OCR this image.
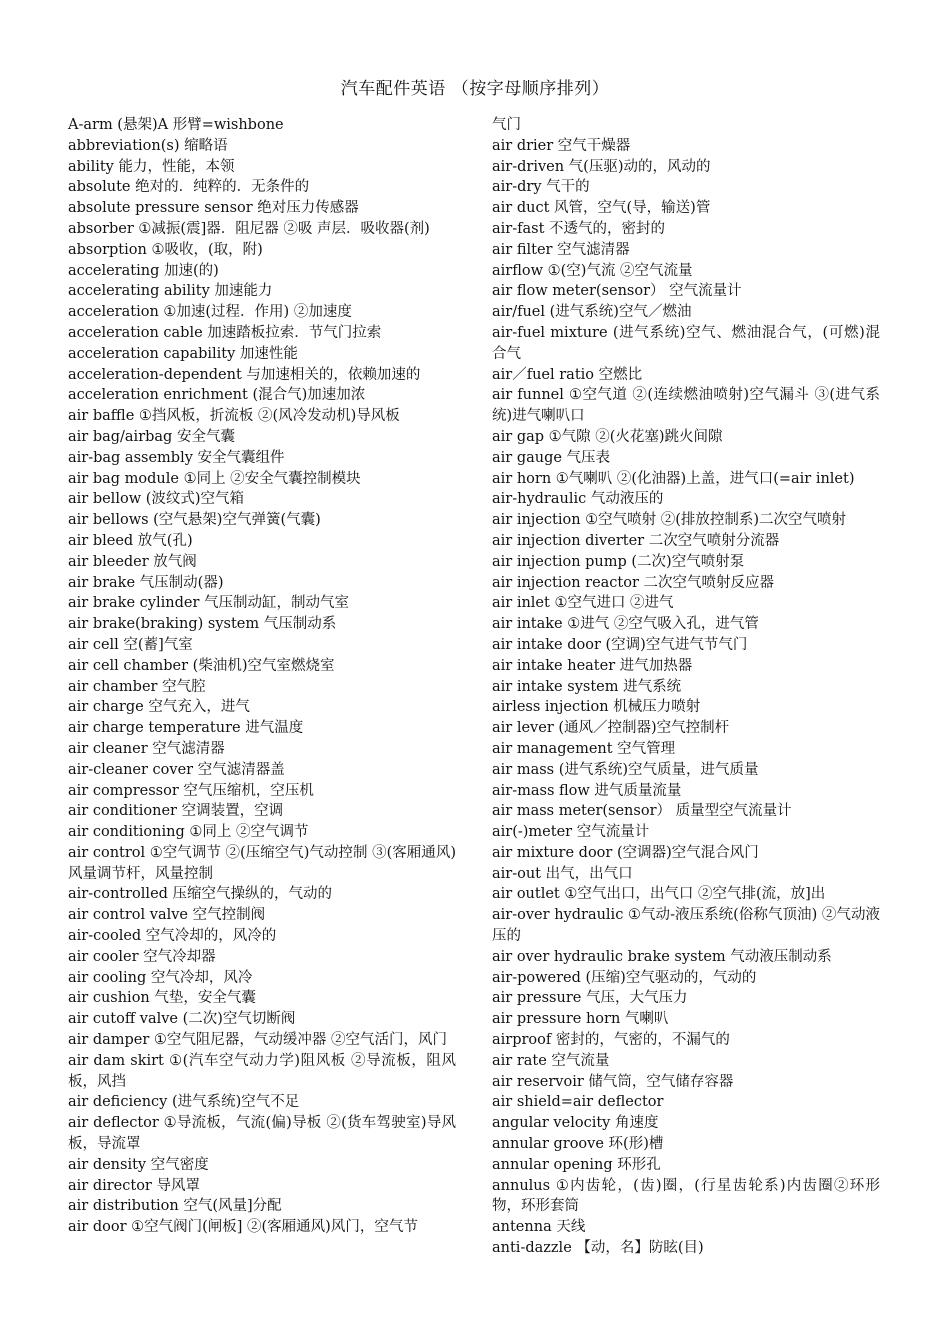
汽车配件英语 （按字母顺序排列）

A-arm (悬架)A 形臂=wishbone

abbreviation(s) 缩略语

ability 能力，性能，本领

absolute 绝对的．纯粹的．无条件的

absolute pressure sensor 绝对压力传感器

absorber ①减振(震]器．阻尼器 ②吸 声层．吸收器(剂)

absorption ①吸收，(取，附)

accelerating 加速(的)

accelerating ability 加速能力

acceleration ①加速(过程．作用) ②加速度

acceleration cable 加速踏板拉索．节气门拉索

acceleration capability 加速性能

acceleration-dependent 与加速相关的，依赖加速的

acceleration enrichment (混合气)加速加浓

air baffle ①挡风板，折流板 ②(风冷发动机)导风板

air bag/airbag 安全气囊

air-bag assembly 安全气囊组件

air bag module ①同上 ②安全气囊控制模块

air bellow (波纹式)空气箱

air bellows (空气悬架)空气弹簧(气囊)

air bleed 放气(孔)

air bleeder 放气阀

air brake 气压制动(器)

air brake cylinder 气压制动缸，制动气室

air brake(braking) system 气压制动系

air cell 空(蓄]气室

air cell chamber (柴油机)空气室燃烧室

air chamber 空气腔

air charge 空气充入，进气

air charge temperature 进气温度

air cleaner 空气滤清器

air-cleaner cover 空气滤清器盖

air compressor 空气压缩机，空压机

air conditioner 空调装置，空调

air conditioning ①同上 ②空气调节

air control ①空气调节 ②(压缩空气)气动控制 ③(客厢通风)风量调节杆，风量控制

air-controlled 压缩空气操纵的，气动的

air control valve 空气控制阀

air-cooled 空气冷却的，风冷的

air cooler 空气冷却器

air cooling 空气冷却，风冷

air cushion 气垫，安全气囊

air cutoff valve (二次)空气切断阀

air damper ①空气阻尼器，气动缓冲器 ②空气活门，风门

air dam skirt ①(汽车空气动力学)阻风板 ②导流板，阻风板，风挡

air deficiency (进气系统)空气不足

air deflector ①导流板，气流(偏)导板 ②(货车驾驶室)导风板，导流罩

air density 空气密度

air director 导风罩

air distribution 空气(风量]分配

air door ①空气阀门(闸板] ②(客厢通风)风门，空气节

气门

air drier 空气干燥器

air-driven 气(压驱)动的，风动的

air-dry 气干的

air duct 风管，空气(导，输送)管

air-fast 不透气的，密封的

air filter 空气滤清器

airflow ①(空)气流 ②空气流量

air flow meter(sensor） 空气流量计

air/fuel (进气系统)空气／燃油

air-fuel mixture (进气系统)空气、燃油混合气，(可燃)混合气

air／fuel ratio 空燃比

air funnel ①空气道 ②(连续燃油喷射)空气漏斗 ③(进气系统)进气喇叭口

air gap ①气隙 ②(火花塞)跳火间隙

air gauge 气压表

air horn ①气喇叭 ②(化油器)上盖，进气口(=air inlet)

air-hydraulic 气动液压的

air injection ①空气喷射 ②(排放控制系)二次空气喷射

air injection diverter 二次空气喷射分流器

air injection pump (二次)空气喷射泵

air injection reactor 二次空气喷射反应器

air inlet ①空气进口 ②进气

air intake ①进气 ②空气吸入孔，进气管

air intake door (空调)空气进气节气门

air intake heater 进气加热器

air intake system 进气系统

airless injection 机械压力喷射

air lever (通风／控制器)空气控制杆

air management 空气管理

air mass (进气系统)空气质量，进气质量

air-mass flow 进气质量流量

air mass meter(sensor） 质量型空气流量计

air(-)meter 空气流量计

air mixture door (空调器)空气混合风门

air-out 出气，出气口

air outlet ①空气出口，出气口 ②空气排(流，放]出

air-over hydraulic ①气动-液压系统(俗称气顶油) ②气动液压的

air over hydraulic brake system 气动液压制动系

air-powered (压缩)空气驱动的，气动的

air pressure 气压，大气压力

air pressure horn 气喇叭

airproof 密封的，气密的，不漏气的

air rate 空气流量

air reservoir 储气筒，空气储存容器

air shield=air deflector

angular velocity 角速度

annular groove 环(形)槽

annular opening 环形孔

annulus ①内齿轮，(齿)圈，(行星齿轮系)内齿圈②环形物，环形套筒

antenna 天线

anti-dazzle 【动，名】防眩(目)
